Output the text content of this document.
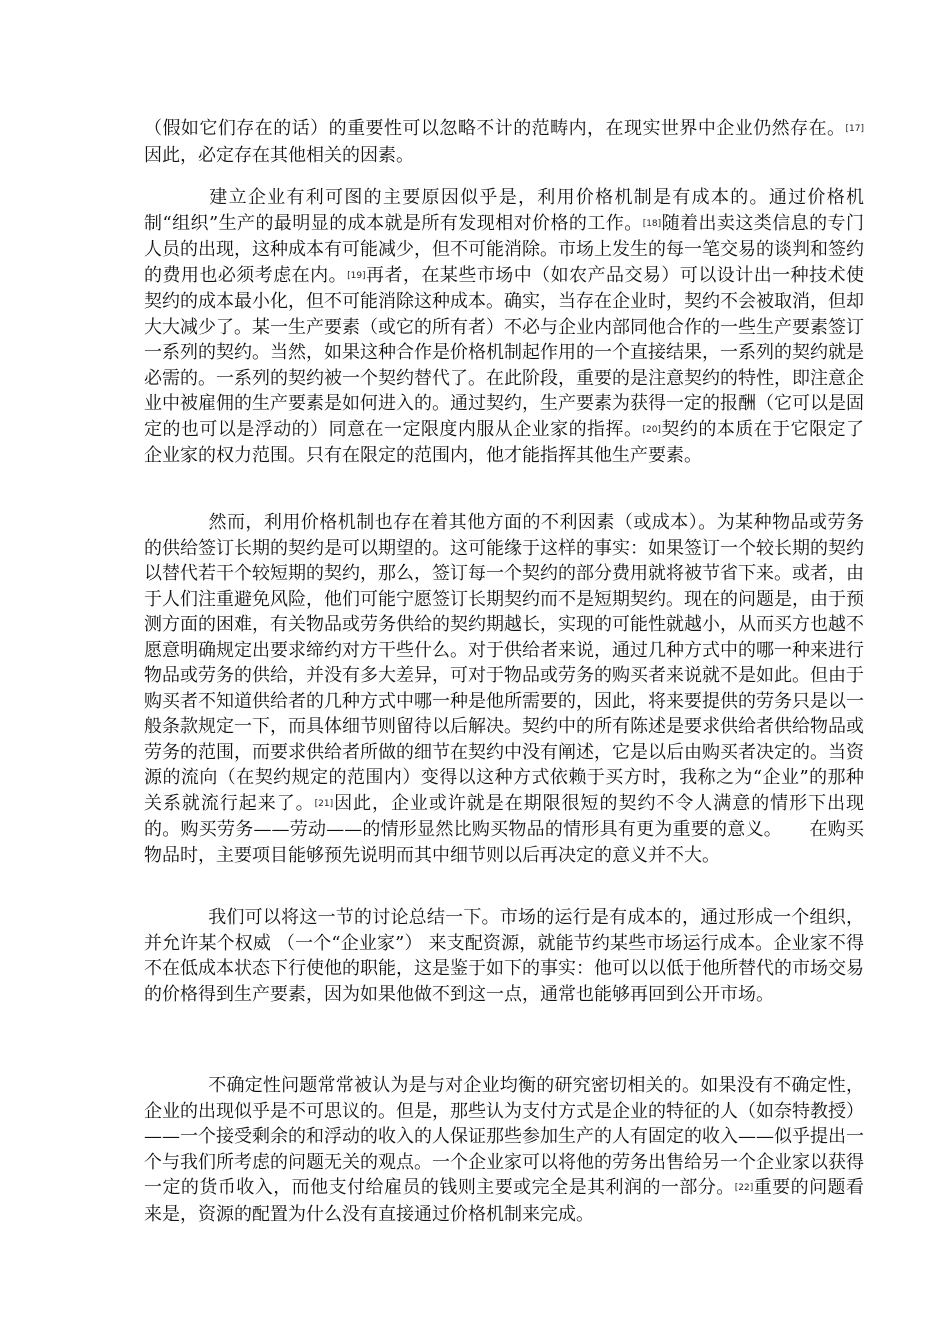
（假如它们存在的话）的重要性可以忽略不计的范畴内，在现实世界中企业仍然存在。[17]因此，必定存在其他相关的因素。

建立企业有利可图的主要原因似乎是，利用价格机制是有成本的。通过价格机制“组织”生产的最明显的成本就是所有发现相对价格的工作。[18]随着出卖这类信息的专门人员的出现，这种成本有可能减少，但不可能消除。市场上发生的每一笔交易的谈判和签约的费用也必须考虑在内。[19]再者，在某些市场中（如农产品交易）可以设计出一种技术使契约的成本最小化，但不可能消除这种成本。确实，当存在企业时，契约不会被取消，但却大大减少了。某一生产要素（或它的所有者）不必与企业内部同他合作的一些生产要素签订一系列的契约。当然，如果这种合作是价格机制起作用的一个直接结果，一系列的契约就是必需的。一系列的契约被一个契约替代了。在此阶段，重要的是注意契约的特性，即注意企业中被雇佣的生产要素是如何进入的。通过契约，生产要素为获得一定的报酬（它可以是固定的也可以是浮动的）同意在一定限度内服从企业家的指挥。[20]契约的本质在于它限定了企业家的权力范围。只有在限定的范围内，他才能指挥其他生产要素。

然而，利用价格机制也存在着其他方面的不利因素（或成本）。为某种物品或劳务的供给签订长期的契约是可以期望的。这可能缘于这样的事实：如果签订一个较长期的契约以替代若干个较短期的契约，那么，签订每一个契约的部分费用就将被节省下来。或者，由于人们注重避免风险，他们可能宁愿签订长期契约而不是短期契约。现在的问题是，由于预测方面的困难，有关物品或劳务供给的契约期越长，实现的可能性就越小，从而买方也越不愿意明确规定出要求缔约对方干些什么。对于供给者来说，通过几种方式中的哪一种来进行物品或劳务的供给，并没有多大差异，可对于物品或劳务的购买者来说就不是如此。但由于购买者不知道供给者的几种方式中哪一种是他所需要的，因此，将来要提供的劳务只是以一般条款规定一下，而具体细节则留待以后解决。契约中的所有陈述是要求供给者供给物品或劳务的范围，而要求供给者所做的细节在契约中没有阐述，它是以后由购买者决定的。当资源的流向（在契约规定的范围内）变得以这种方式依赖于买方时，我称之为“企业”的那种关系就流行起来了。[21]因此，企业或许就是在期限很短的契约不令人满意的情形下出现的。购买劳务——劳动——的情形显然比购买物品的情形具有更为重要的意义。　　在购买物品时，主要项目能够预先说明而其中细节则以后再决定的意义并不大。

我们可以将这一节的讨论总结一下。市场的运行是有成本的，通过形成一个组织，并允许某个权威 （一个“企业家”） 来支配资源，就能节约某些市场运行成本。企业家不得不在低成本状态下行使他的职能，这是鉴于如下的事实：他可以以低于他所替代的市场交易的价格得到生产要素，因为如果他做不到这一点，通常也能够再回到公开市场。

不确定性问题常常被认为是与对企业均衡的研究密切相关的。如果没有不确定性，企业的出现似乎是不可思议的。但是，那些认为支付方式是企业的特征的人（如奈特教授）——一个接受剩余的和浮动的收入的人保证那些参加生产的人有固定的收入——似乎提出一个与我们所考虑的问题无关的观点。一个企业家可以将他的劳务出售给另一个企业家以获得一定的货币收入，而他支付给雇员的钱则主要或完全是其利润的一部分。[22]重要的问题看来是，资源的配置为什么没有直接通过价格机制来完成。
